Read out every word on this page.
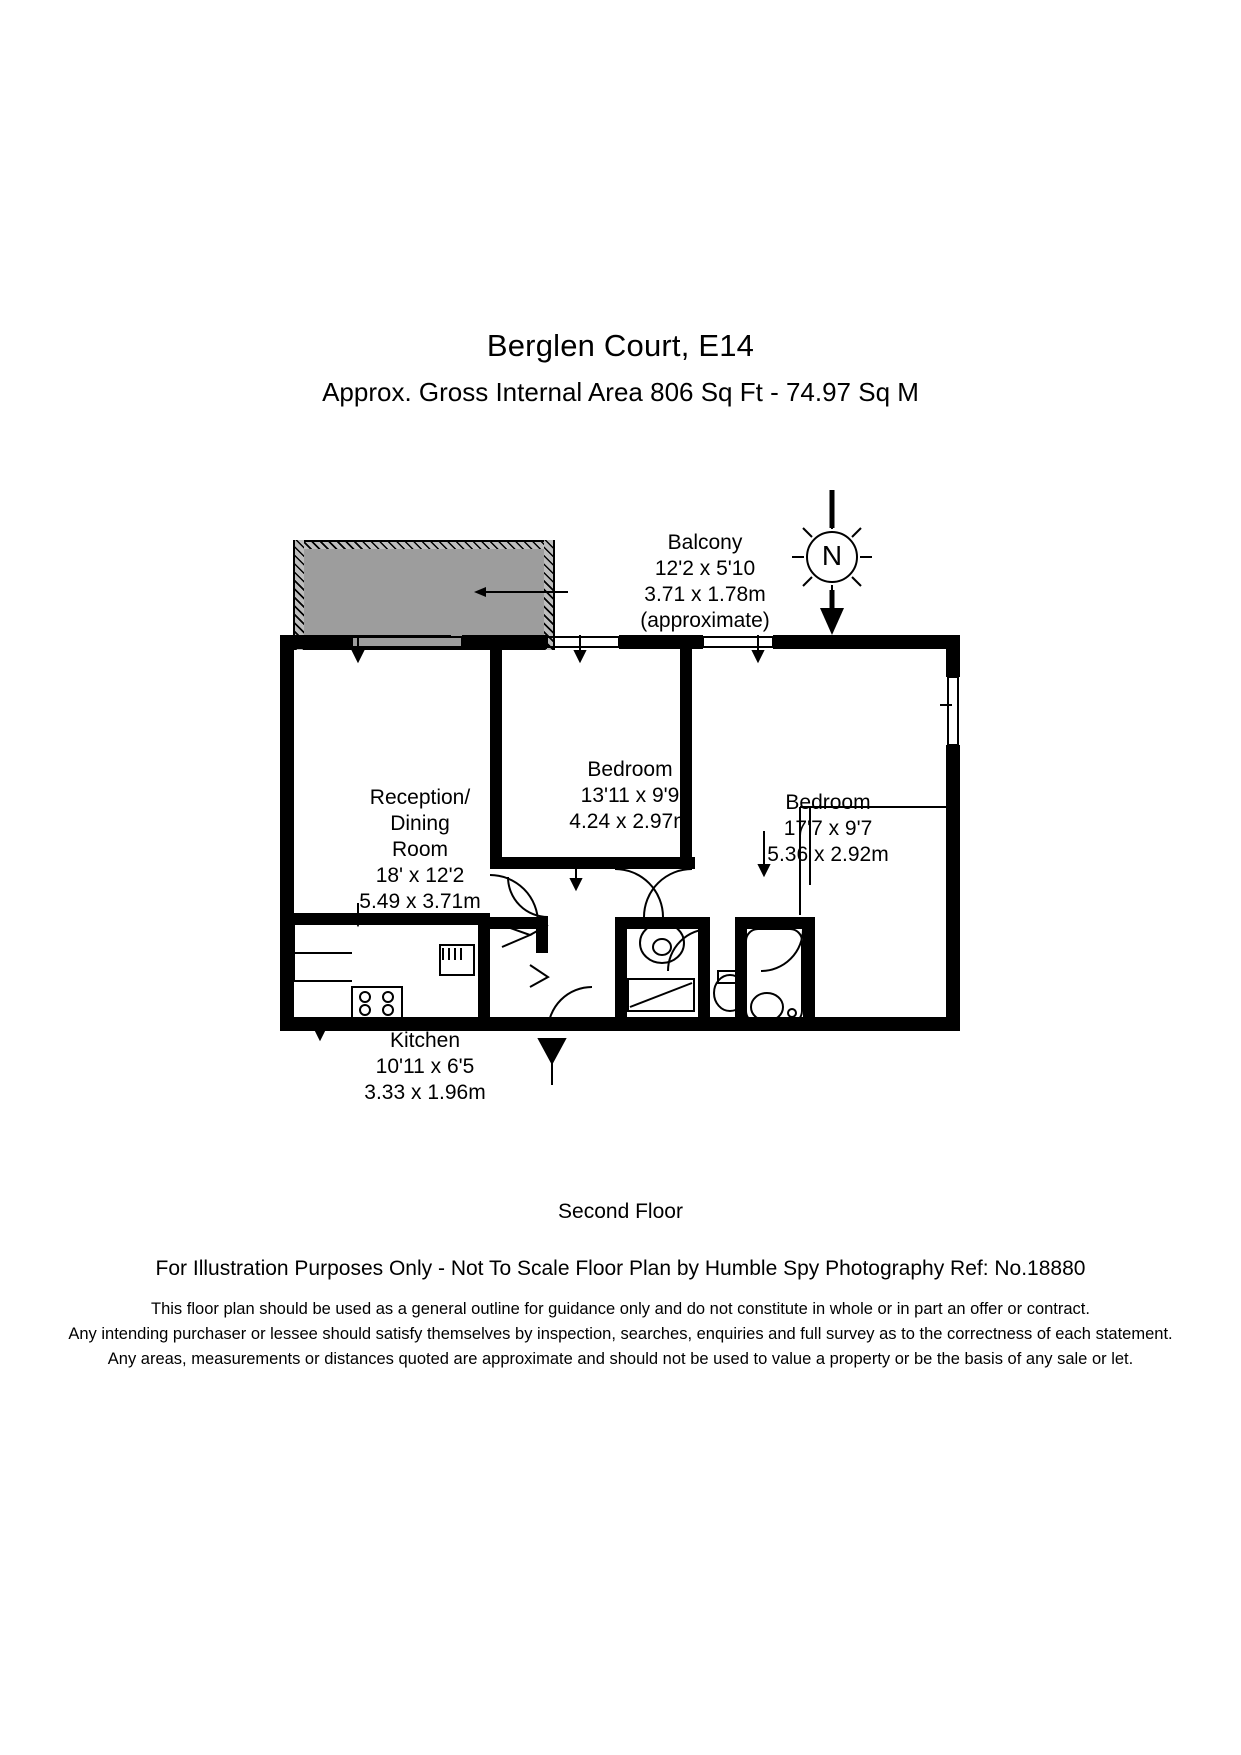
Berglen Court, E14
Approx. Gross Internal Area 806 Sq Ft - 74.97 Sq M
Balcony
12'2 x 5'10
3.71 x 1.78m
(approximate)
N
Reception/
Dining
Room
18' x 12'2
5.49 x 3.71m
Bedroom
13'11 x 9'9
4.24 x 2.97m
Bedroom
17'7 x 9'7
5.36 x 2.92m
Kitchen
10'11 x 6'5
3.33 x 1.96m
Second Floor
For Illustration Purposes Only - Not To Scale Floor Plan by Humble Spy Photography Ref: No.18880
This floor plan should be used as a general outline for guidance only and do not constitute in whole or in part an offer or contract.
Any intending purchaser or lessee should satisfy themselves by inspection, searches, enquiries and full survey as to the correctness of each statement.
Any areas, measurements or distances quoted are approximate and should not be used to value a property or be the basis of any sale or let.
